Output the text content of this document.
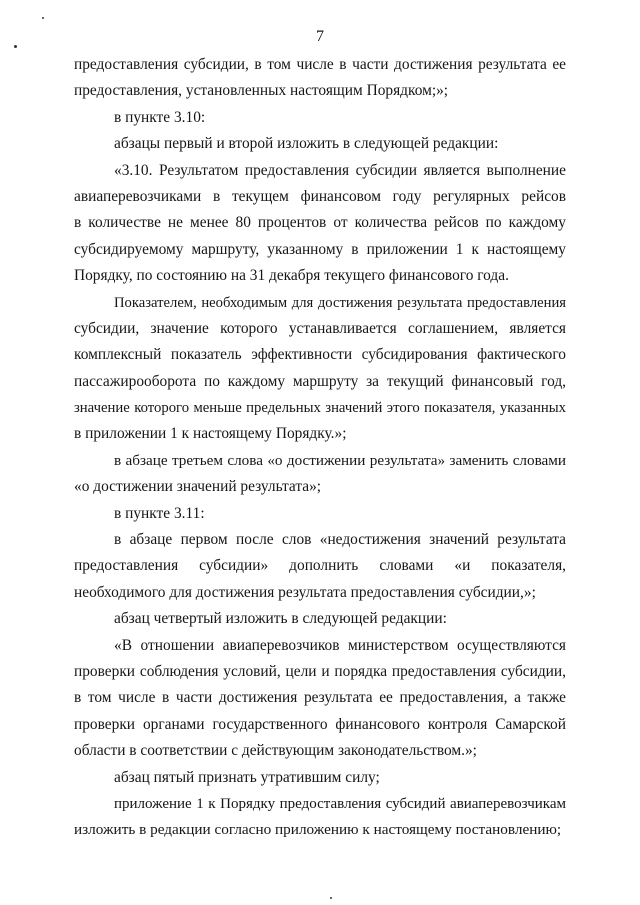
7
предоставления субсидии, в том числе в части достижения результата ее
предоставления, установленных настоящим Порядком;»;
в пункте 3.10:
абзацы первый и второй изложить в следующей редакции:
«3.10. Результатом предоставления субсидии является выполнение
авиаперевозчиками в текущем финансовом году регулярных рейсов
в количестве не менее 80 процентов от количества рейсов по каждому
субсидируемому маршруту, указанному в приложении 1 к настоящему
Порядку, по состоянию на 31 декабря текущего финансового года.
Показателем, необходимым для достижения результата предоставления
субсидии, значение которого устанавливается соглашением, является
комплексный показатель эффективности субсидирования фактического
пассажирооборота по каждому маршруту за текущий финансовый год,
значение которого меньше предельных значений этого показателя, указанных
в приложении 1 к настоящему Порядку.»;
в абзаце третьем слова «о достижении результата» заменить словами
«о достижении значений результата»;
в пункте 3.11:
в абзаце первом после слов «недостижения значений результата
предоставления субсидии» дополнить словами «и показателя,
необходимого для достижения результата предоставления субсидии,»;
абзац четвертый изложить в следующей редакции:
«В отношении авиаперевозчиков министерством осуществляются
проверки соблюдения условий, цели и порядка предоставления субсидии,
в том числе в части достижения результата ее предоставления, а также
проверки органами государственного финансового контроля Самарской
области в соответствии с действующим законодательством.»;
абзац пятый признать утратившим силу;
приложение 1 к Порядку предоставления субсидий авиаперевозчикам
изложить в редакции согласно приложению к настоящему постановлению;
